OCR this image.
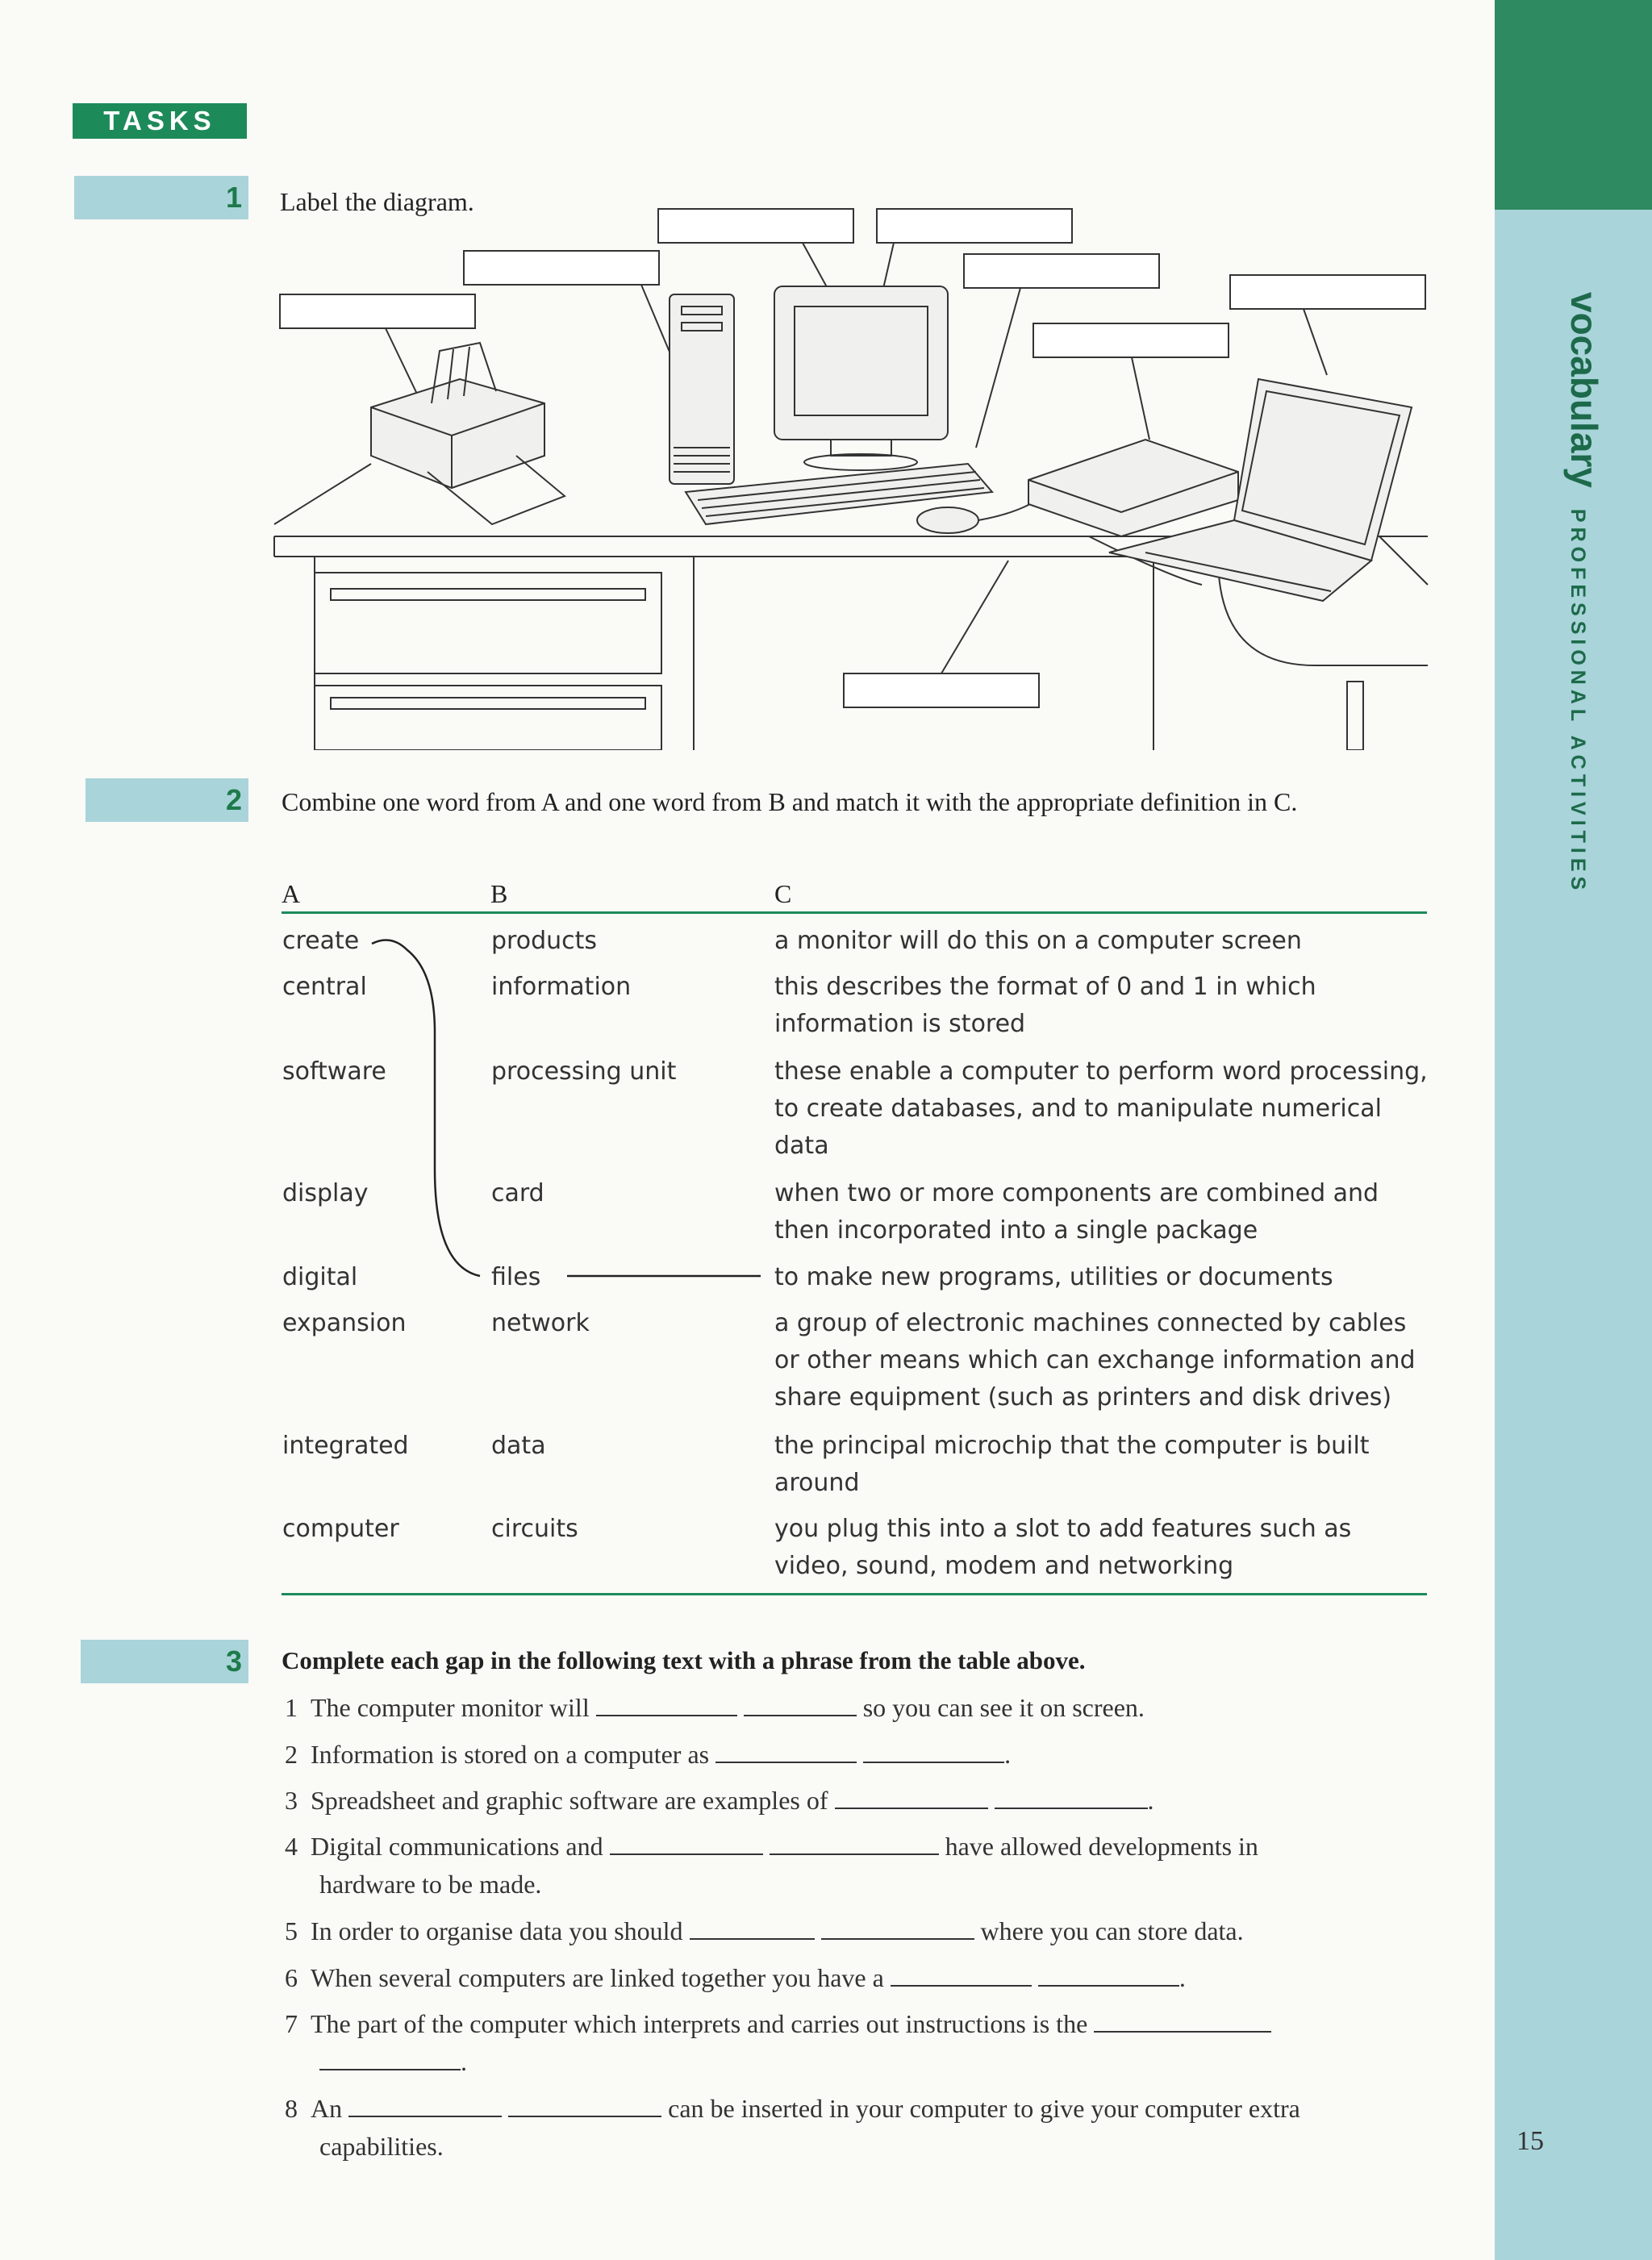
vocabularyPROFESSIONAL ACTIVITIES
15
TASKS
1 Label the diagram.
2 Combine one word from A and one word from B and match it with the appropriate definition in C.
A	B	C
create	products	a monitor will do this on a computer screen
central	information	this describes the format of 0 and 1 in which information is stored
software	processing unit	these enable a computer to perform word processing, to create databases, and to manipulate numerical data
display	card	when two or more components are combined and then incorporated into a single package
digital	files	to make new programs, utilities or documents
expansion	network	a group of electronic machines connected by cables or other means which can exchange information and share equipment (such as printers and disk drives)
integrated	data	the principal microchip that the computer is built around
computer	circuits	you plug this into a slot to add features such as video, sound, modem and networking
3 Complete each gap in the following text with a phrase from the table above.
1 The computer monitor will	so you can see it on screen.
2 Information is stored on a computer as	.
3 Spreadsheet and graphic software are examples of	.
4 Digital communications and	have allowed developments in
hardware to be made.
5 In order to organise data you should	where you can store data.
6 When several computers are linked together you have a	.
7 The part of the computer which interprets and carries out instructions is the
.
8 An	can be inserted in your computer to give your computer extra
capabilities.
